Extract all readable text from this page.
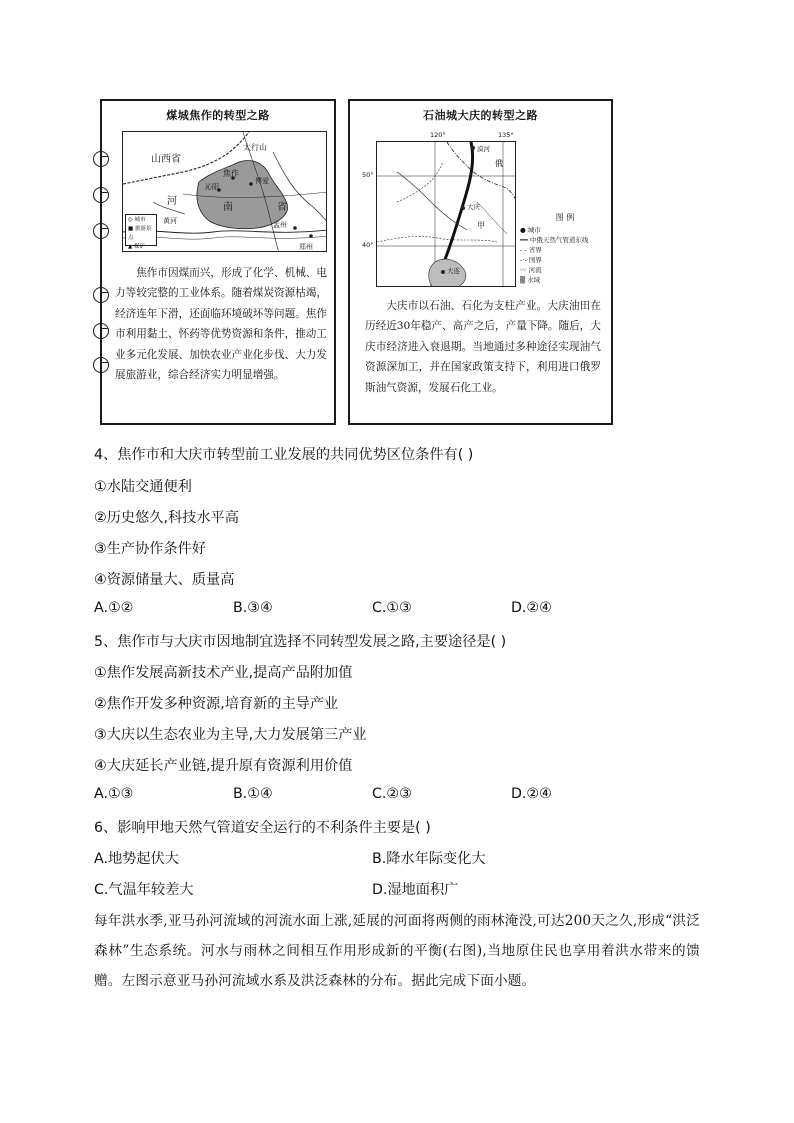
煤城焦作的转型之路
山西省
太行山
焦作
沁阳
博爱
孟州
郑州
河
南	省
黄河
◎ 城市
■ 旅游景点
▲ 煤矿
焦作市因煤而兴，形成了化学、机械、电力等较完整的工业体系。随着煤炭资源枯竭，经济连年下滑，还面临环境破坏等问题。焦作市利用黏土、怀药等优势资源和条件，推动工业多元化发展、加快农业产业化步伐、大力发展旅游业，综合经济实力明显增强。
石油城大庆的转型之路
120°	135°
50°
40°
漠河
大庆
甲
大连
俄
图 例
● 城市
━━ 中俄天然气管道东线
- - 省界
-·- 国界
〰 河流
▒ 水域
大庆市以石油、石化为支柱产业。大庆油田在历经近30年稳产、高产之后，产量下降。随后，大庆市经济进入衰退期。当地通过多种途径实现油气资源深加工，并在国家政策支持下，利用进口俄罗斯油气资源，发展石化工业。
4、焦作市和大庆市转型前工业发展的共同优势区位条件有( )
①水陆交通便利
②历史悠久,科技水平高
③生产协作条件好
④资源储量大、质量高
A.①②	B.③④	C.①③	D.②④
5、焦作市与大庆市因地制宜选择不同转型发展之路,主要途径是( )
①焦作发展高新技术产业,提高产品附加值
②焦作开发多种资源,培育新的主导产业
③大庆以生态农业为主导,大力发展第三产业
④大庆延长产业链,提升原有资源利用价值
A.①③	B.①④	C.②③	D.②④
6、影响甲地天然气管道安全运行的不利条件主要是( )
A.地势起伏大	B.降水年际变化大
C.气温年较差大	D.湿地面积广
每年洪水季,亚马孙河流域的河流水面上涨,延展的河面将两侧的雨林淹没,可达200天之久,形成“洪泛森林”生态系统。河水与雨林之间相互作用形成新的平衡(右图),当地原住民也享用着洪水带来的馈赠。左图示意亚马孙河流域水系及洪泛森林的分布。据此完成下面小题。
